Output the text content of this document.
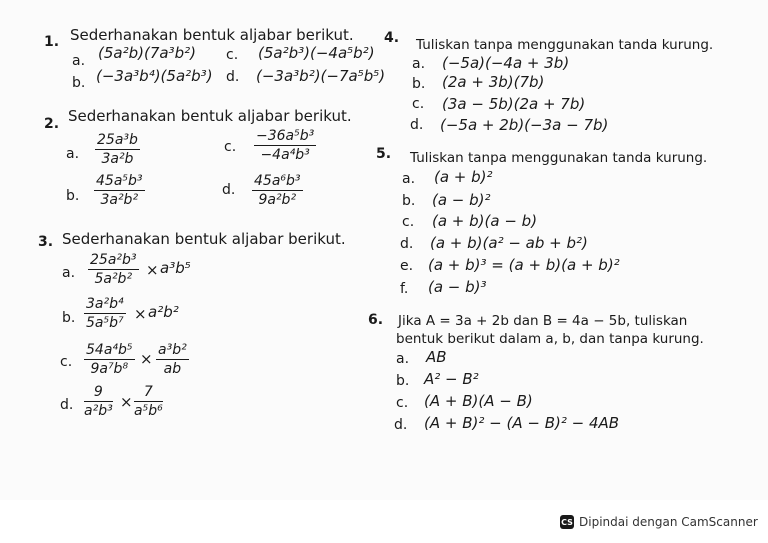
1. Sederhanakan bentuk aljabar berikut.
a. (5a²b)(7a³b²) c. (5a²b³)(−4a⁵b²)
b. (−3a³b⁴)(5a²b³) d. (−3a³b²)(−7a⁵b⁵)
2. Sederhanakan bentuk aljabar berikut.
a. $\frac{\text{25a³b}}{\text{3a²b}}$	c. $\frac{\text{−36a⁵b³}}{\text{−4a⁴b³}}$
b. $\frac{\text{45a⁵b³}}{\text{3a²b²}}$	d. $\frac{\text{45a⁶b³}}{\text{9a²b²}}$
3. Sederhanakan bentuk aljabar berikut.
a. $\frac{\text{25a²b³}}{\text{5a²b²}} \times a^3b^5$
b. $\frac{\text{3a²b⁴}}{\text{5a⁵b⁷}} \times a^2b^2$
c. $\frac{\text{54a⁴b⁵}}{\text{9a⁷b⁸}} \times \frac{\text{a³b²}}{ab}$
d. $\frac{9}{\text{a²b³}} \times \frac{7}{\text{a⁵b⁶}}$
4. Tuliskan tanpa menggunakan tanda kurung.
a. (−5a)(−4a + 3b)
b. (2a + 3b)(7b)
c. (3a − 5b)(2a + 7b)
d. (−5a + 2b)(−3a − 7b)
5. Tuliskan tanpa menggunakan tanda kurung.
a. (a + b)²
b. (a − b)²
c. (a + b)(a − b)
d. (a + b)(a² − ab + b²)
e. (a + b)³ = (a + b)(a + b)²
f. (a − b)³
6. Jika A = 3a + 2b dan B = 4a − 5b, tuliskan
bentuk berikut dalam a, b, dan tanpa kurung.
a. AB
b. A² − B²
c. (A + B)(A − B)
d. (A + B)² − (A − B)² − 4AB
CS Dipindai dengan CamScanner
